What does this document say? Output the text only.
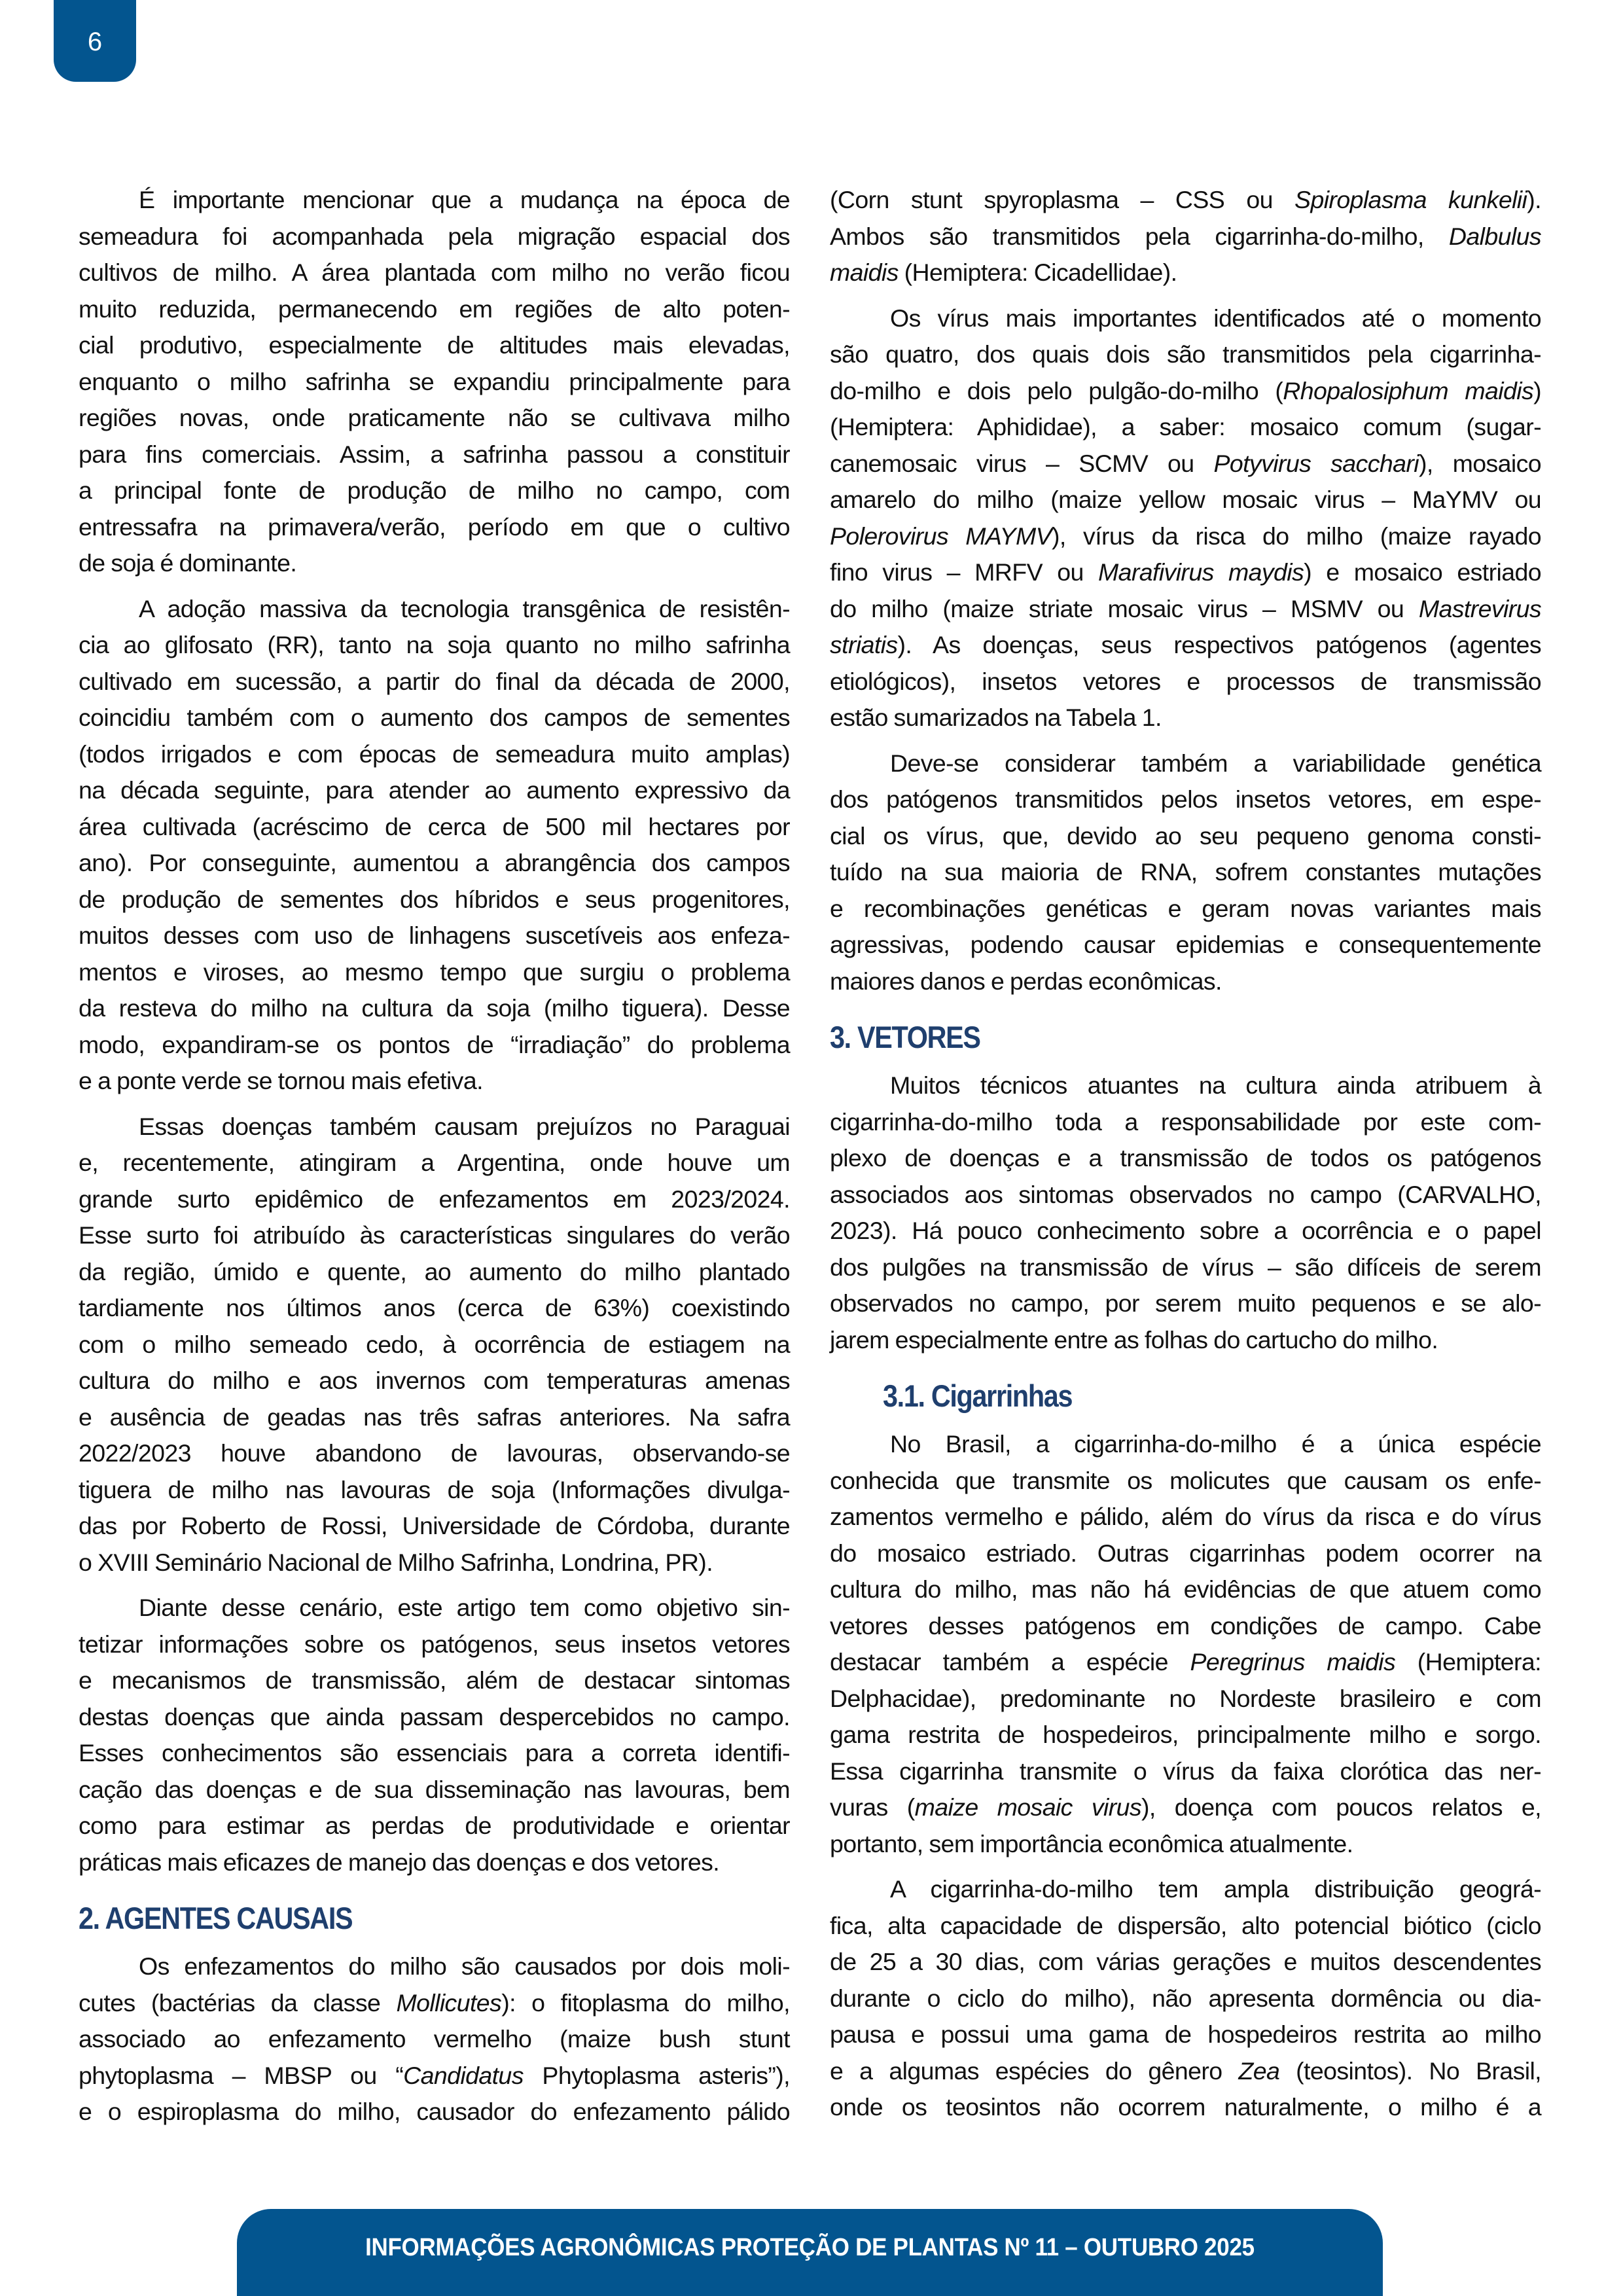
6
É importante mencionar que a mudança na época de
semeadura foi acompanhada pela migração espacial dos
cultivos de milho. A área plantada com milho no verão ficou
muito reduzida, permanecendo em regiões de alto poten-
cial produtivo, especialmente de altitudes mais elevadas,
enquanto o milho safrinha se expandiu principalmente para
regiões novas, onde praticamente não se cultivava milho
para fins comerciais. Assim, a safrinha passou a constituir
a principal fonte de produção de milho no campo, com
entressafra na primavera/verão, período em que o cultivo
de soja é dominante.
A adoção massiva da tecnologia transgênica de resistên-
cia ao glifosato (RR), tanto na soja quanto no milho safrinha
cultivado em sucessão, a partir do final da década de 2000,
coincidiu também com o aumento dos campos de sementes
(todos irrigados e com épocas de semeadura muito amplas)
na década seguinte, para atender ao aumento expressivo da
área cultivada (acréscimo de cerca de 500 mil hectares por
ano). Por conseguinte, aumentou a abrangência dos campos
de produção de sementes dos híbridos e seus progenitores,
muitos desses com uso de linhagens suscetíveis aos enfeza-
mentos e viroses, ao mesmo tempo que surgiu o problema
da resteva do milho na cultura da soja (milho tiguera). Desse
modo, expandiram-se os pontos de “irradiação” do problema
e a ponte verde se tornou mais efetiva.
Essas doenças também causam prejuízos no Paraguai
e, recentemente, atingiram a Argentina, onde houve um
grande surto epidêmico de enfezamentos em 2023/2024.
Esse surto foi atribuído às características singulares do verão
da região, úmido e quente, ao aumento do milho plantado
tardiamente nos últimos anos (cerca de 63%) coexistindo
com o milho semeado cedo, à ocorrência de estiagem na
cultura do milho e aos invernos com temperaturas amenas
e ausência de geadas nas três safras anteriores. Na safra
2022/2023 houve abandono de lavouras, observando-se
tiguera de milho nas lavouras de soja (Informações divulga-
das por Roberto de Rossi, Universidade de Córdoba, durante
o XVIII Seminário Nacional de Milho Safrinha, Londrina, PR).
Diante desse cenário, este artigo tem como objetivo sin-
tetizar informações sobre os patógenos, seus insetos vetores
e mecanismos de transmissão, além de destacar sintomas
destas doenças que ainda passam despercebidos no campo.
Esses conhecimentos são essenciais para a correta identifi-
cação das doenças e de sua disseminação nas lavouras, bem
como para estimar as perdas de produtividade e orientar
práticas mais eficazes de manejo das doenças e dos vetores.
2. AGENTES CAUSAIS
Os enfezamentos do milho são causados por dois moli-
cutes (bactérias da classe Mollicutes): o fitoplasma do milho,
associado ao enfezamento vermelho (maize bush stunt
phytoplasma – MBSP ou “Candidatus Phytoplasma asteris”),
e o espiroplasma do milho, causador do enfezamento pálido
(Corn stunt spyroplasma – CSS ou Spiroplasma kunkelii).
Ambos são transmitidos pela cigarrinha-do-milho, Dalbulus
maidis (Hemiptera: Cicadellidae).
Os vírus mais importantes identificados até o momento
são quatro, dos quais dois são transmitidos pela cigarrinha-
do-milho e dois pelo pulgão-do-milho (Rhopalosiphum maidis)
(Hemiptera: Aphididae), a saber: mosaico comum (sugar-
canemosaic virus – SCMV ou Potyvirus sacchari), mosaico
amarelo do milho (maize yellow mosaic virus – MaYMV ou
Polerovirus MAYMV), vírus da risca do milho (maize rayado
fino virus – MRFV ou Marafivirus maydis) e mosaico estriado
do milho (maize striate mosaic virus – MSMV ou Mastrevirus
striatis). As doenças, seus respectivos patógenos (agentes
etiológicos), insetos vetores e processos de transmissão
estão sumarizados na Tabela 1.
Deve-se considerar também a variabilidade genética
dos patógenos transmitidos pelos insetos vetores, em espe-
cial os vírus, que, devido ao seu pequeno genoma consti-
tuído na sua maioria de RNA, sofrem constantes mutações
e recombinações genéticas e geram novas variantes mais
agressivas, podendo causar epidemias e consequentemente
maiores danos e perdas econômicas.
3. VETORES
Muitos técnicos atuantes na cultura ainda atribuem à
cigarrinha-do-milho toda a responsabilidade por este com-
plexo de doenças e a transmissão de todos os patógenos
associados aos sintomas observados no campo (CARVALHO,
2023). Há pouco conhecimento sobre a ocorrência e o papel
dos pulgões na transmissão de vírus – são difíceis de serem
observados no campo, por serem muito pequenos e se alo-
jarem especialmente entre as folhas do cartucho do milho.
3.1. Cigarrinhas
No Brasil, a cigarrinha-do-milho é a única espécie
conhecida que transmite os molicutes que causam os enfe-
zamentos vermelho e pálido, além do vírus da risca e do vírus
do mosaico estriado. Outras cigarrinhas podem ocorrer na
cultura do milho, mas não há evidências de que atuem como
vetores desses patógenos em condições de campo. Cabe
destacar também a espécie Peregrinus maidis (Hemiptera:
Delphacidae), predominante no Nordeste brasileiro e com
gama restrita de hospedeiros, principalmente milho e sorgo.
Essa cigarrinha transmite o vírus da faixa clorótica das ner-
vuras (maize mosaic virus), doença com poucos relatos e,
portanto, sem importância econômica atualmente.
A cigarrinha-do-milho tem ampla distribuição geográ-
fica, alta capacidade de dispersão, alto potencial biótico (ciclo
de 25 a 30 dias, com várias gerações e muitos descendentes
durante o ciclo do milho), não apresenta dormência ou dia-
pausa e possui uma gama de hospedeiros restrita ao milho
e a algumas espécies do gênero Zea (teosintos). No Brasil,
onde os teosintos não ocorrem naturalmente, o milho é a
INFORMAÇÕES AGRONÔMICAS PROTEÇÃO DE PLANTAS Nº 11 – OUTUBRO 2025
